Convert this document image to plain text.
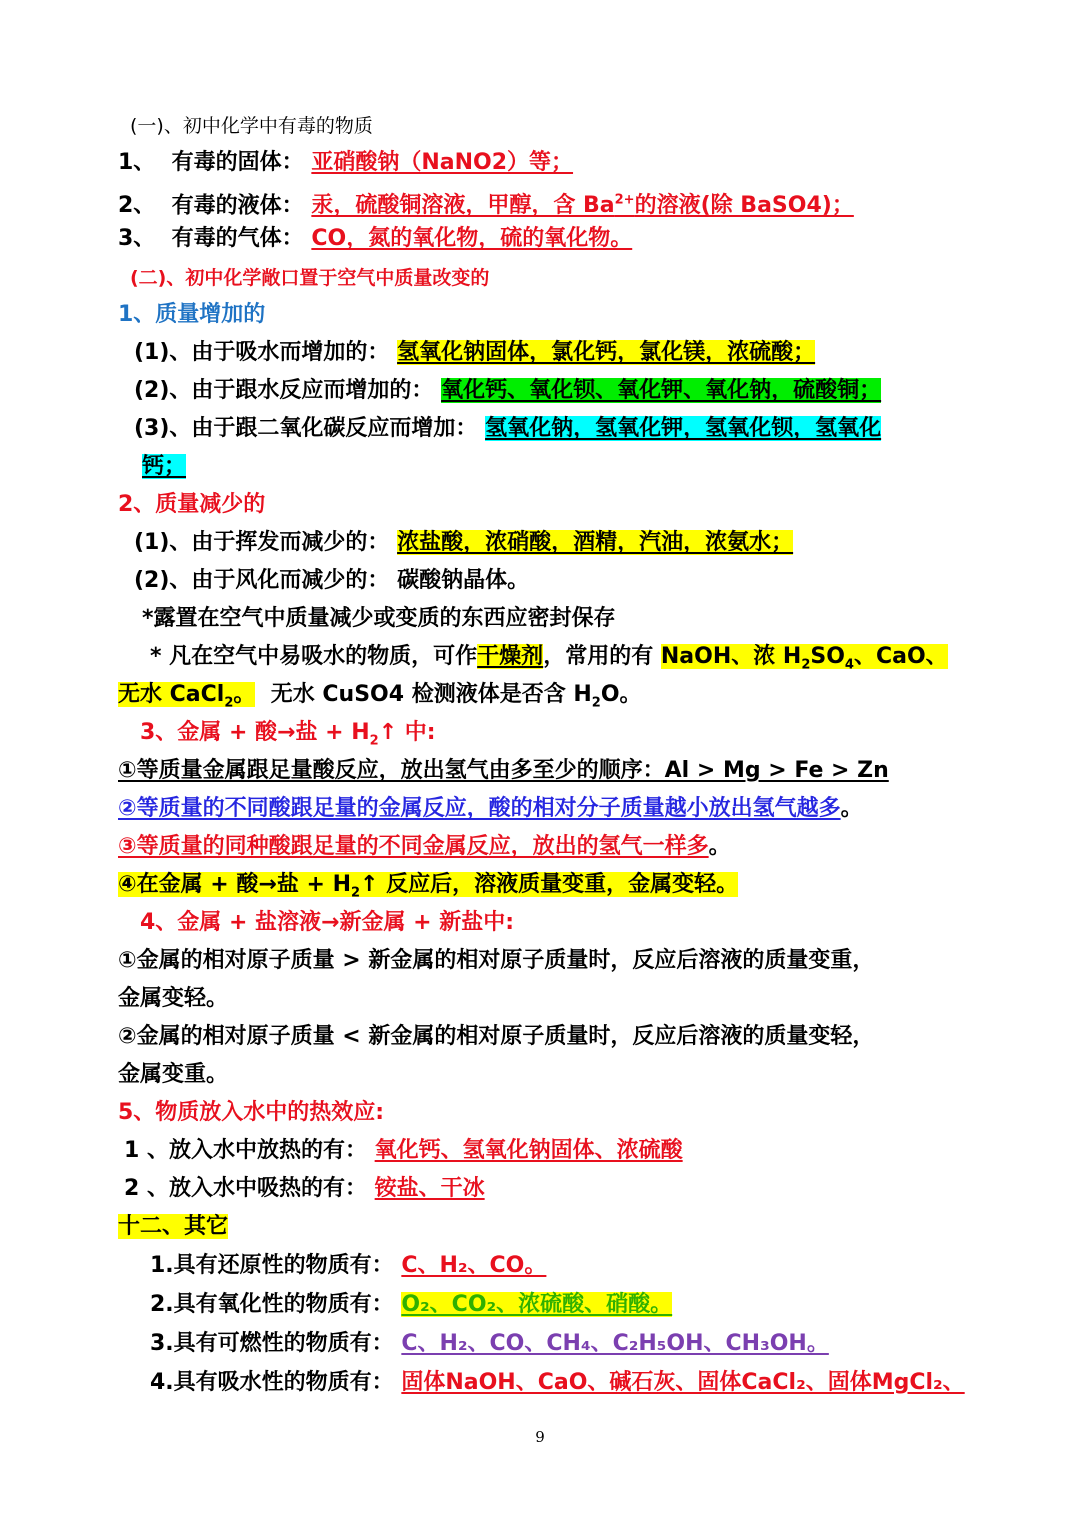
(一)、初中化学中有毒的物质
1、 有毒的固体： 亚硝酸钠（NaNO2）等；
2、 有毒的液体： 汞，硫酸铜溶液，甲醇，含 $Ba^{2+}$的溶液(除 BaSO4)；
3、 有毒的气体： CO，氮的氧化物，硫的氧化物。
(二)、初中化学敞口置于空气中质量改变的
1、质量增加的
(1)、由于吸水而增加的： 氢氧化钠固体，氯化钙，氯化镁，浓硫酸；
(2)、由于跟水反应而增加的： 氧化钙、氧化钡、氧化钾、氧化钠，硫酸铜；
(3)、由于跟二氧化碳反应而增加： 氢氧化钠，氢氧化钾，氢氧化钡，氢氧化
钙；
2、质量减少的
(1)、由于挥发而减少的： 浓盐酸，浓硝酸，酒精，汽油，浓氨水；
(2)、由于风化而减少的： 碳酸钠晶体。
*露置在空气中质量减少或变质的东西应密封保存
* 凡在空气中易吸水的物质，可作干燥剂，常用的有 NaOH、浓 $H_2SO_4$、CaO、
无水 CaCl$_2$。 无水 CuSO4 检测液体是否含 $H_2O$。
3、金属 + 酸→盐 + $H_2↑$ 中:
①等质量金属跟足量酸反应，放出氢气由多至少的顺序：Al > Mg > Fe > Zn
②等质量的不同酸跟足量的金属反应，酸的相对分子质量越小放出氢气越多。
③等质量的同种酸跟足量的不同金属反应，放出的氢气一样多。
④在金属 + 酸→盐 + $H_2↑$ 反应后，溶液质量变重，金属变轻。
4、金属 + 盐溶液→新金属 + 新盐中:
①金属的相对原子质量 > 新金属的相对原子质量时，反应后溶液的质量变重，
金属变轻。
②金属的相对原子质量 < 新金属的相对原子质量时，反应后溶液的质量变轻，
金属变重。
5、物质放入水中的热效应:
1 、放入水中放热的有： 氧化钙、氢氧化钠固体、浓硫酸
2 、放入水中吸热的有： 铵盐、干冰
十二、其它
1.具有还原性的物质有： C、H₂、CO。
2.具有氧化性的物质有： O₂、CO₂、浓硫酸、硝酸。
3.具有可燃性的物质有： C、H₂、CO、CH₄、C₂H₅OH、CH₃OH。
4.具有吸水性的物质有： 固体NaOH、CaO、碱石灰、固体CaCl₂、固体MgCl₂、
9
